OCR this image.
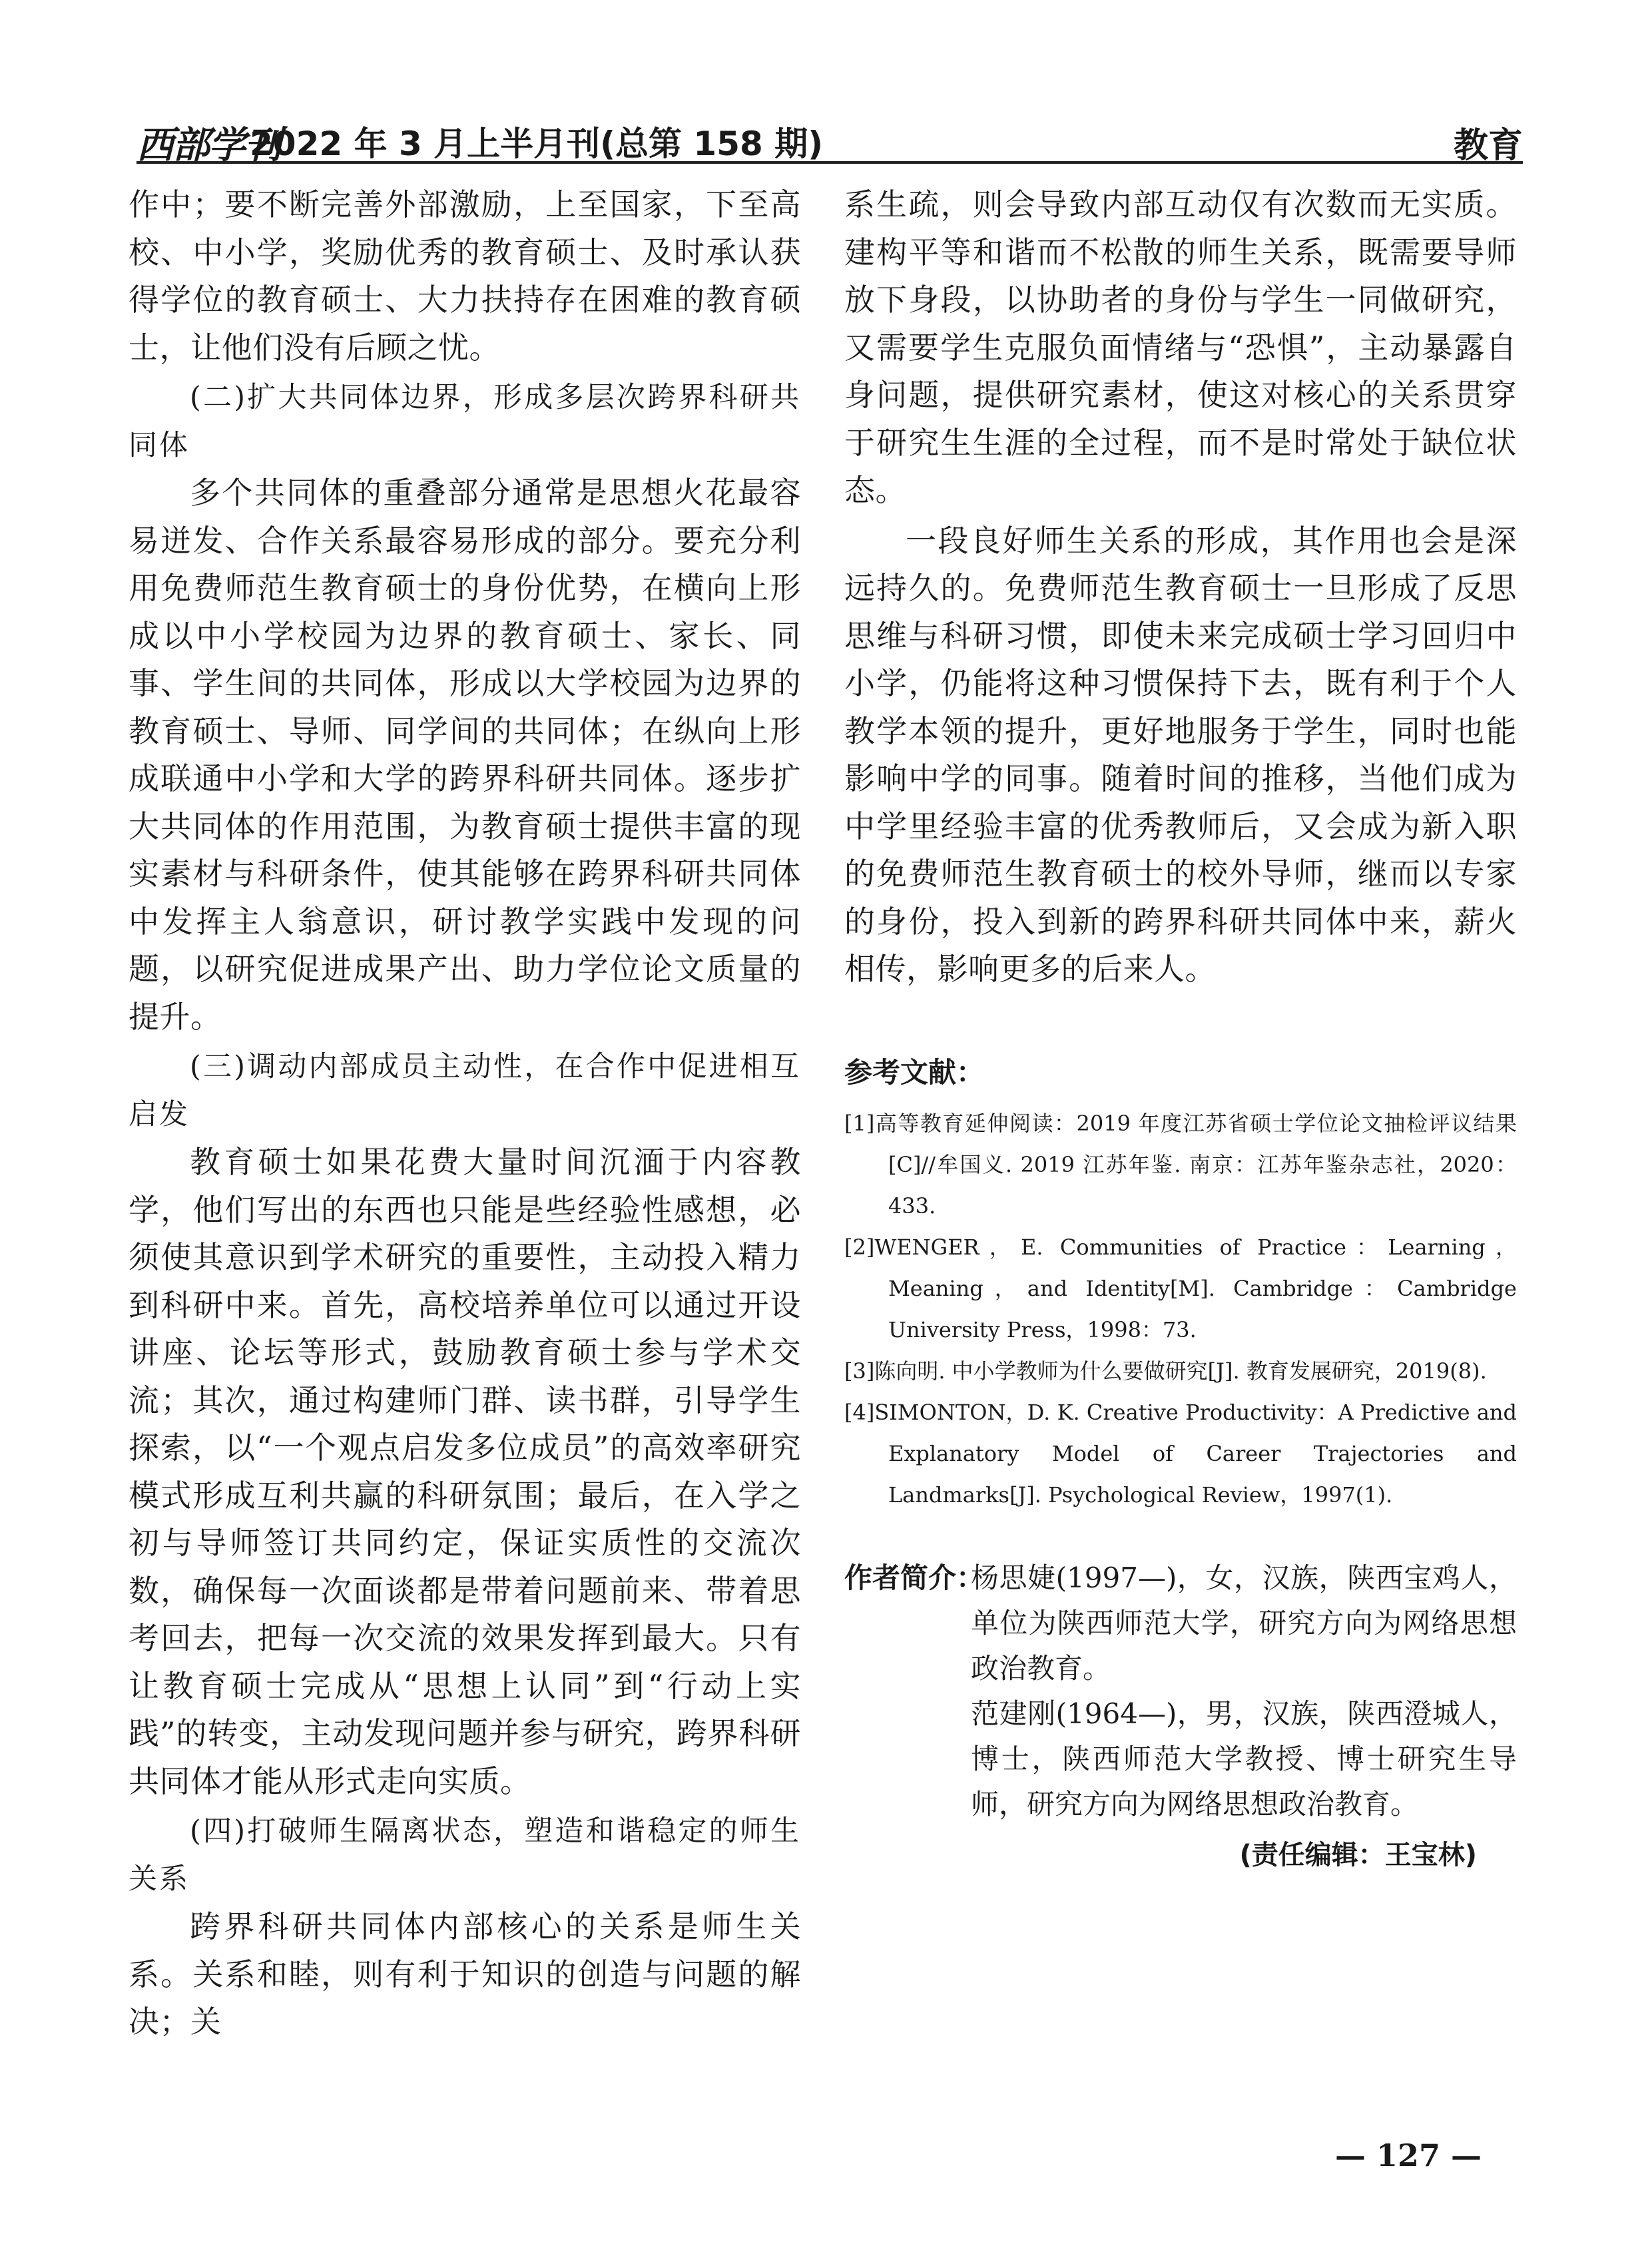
西部学刊
2022 年 3 月上半月刊(总第 158 期)	教育

作中；要不断完善外部激励，上至国家，下至高校、中小学，奖励优秀的教育硕士、及时承认获得学位的教育硕士、大力扶持存在困难的教育硕士，让他们没有后顾之忧。

(二)扩大共同体边界，形成多层次跨界科研共同体

多个共同体的重叠部分通常是思想火花最容易迸发、合作关系最容易形成的部分。要充分利用免费师范生教育硕士的身份优势，在横向上形成以中小学校园为边界的教育硕士、家长、同事、学生间的共同体，形成以大学校园为边界的教育硕士、导师、同学间的共同体；在纵向上形成联通中小学和大学的跨界科研共同体。逐步扩大共同体的作用范围，为教育硕士提供丰富的现实素材与科研条件，使其能够在跨界科研共同体中发挥主人翁意识，研讨教学实践中发现的问题，以研究促进成果产出、助力学位论文质量的提升。

(三)调动内部成员主动性，在合作中促进相互启发

教育硕士如果花费大量时间沉湎于内容教学，他们写出的东西也只能是些经验性感想，必须使其意识到学术研究的重要性，主动投入精力到科研中来。首先，高校培养单位可以通过开设讲座、论坛等形式，鼓励教育硕士参与学术交流；其次，通过构建师门群、读书群，引导学生探索，以“一个观点启发多位成员”的高效率研究模式形成互利共赢的科研氛围；最后，在入学之初与导师签订共同约定，保证实质性的交流次数，确保每一次面谈都是带着问题前来、带着思考回去，把每一次交流的效果发挥到最大。只有让教育硕士完成从“思想上认同”到“行动上实践”的转变，主动发现问题并参与研究，跨界科研共同体才能从形式走向实质。

(四)打破师生隔离状态，塑造和谐稳定的师生关系

跨界科研共同体内部核心的关系是师生关系。关系和睦，则有利于知识的创造与问题的解决；关

系生疏，则会导致内部互动仅有次数而无实质。建构平等和谐而不松散的师生关系，既需要导师放下身段，以协助者的身份与学生一同做研究，又需要学生克服负面情绪与“恐惧”，主动暴露自身问题，提供研究素材，使这对核心的关系贯穿于研究生生涯的全过程，而不是时常处于缺位状态。

一段良好师生关系的形成，其作用也会是深远持久的。免费师范生教育硕士一旦形成了反思思维与科研习惯，即使未来完成硕士学习回归中小学，仍能将这种习惯保持下去，既有利于个人教学本领的提升，更好地服务于学生，同时也能影响中学的同事。随着时间的推移，当他们成为中学里经验丰富的优秀教师后，又会成为新入职的免费师范生教育硕士的校外导师，继而以专家的身份，投入到新的跨界科研共同体中来，薪火相传，影响更多的后来人。

参考文献：

[1]高等教育延伸阅读：2019 年度江苏省硕士学位论文抽检评议结果[C]//牟国义. 2019 江苏年鉴. 南京：江苏年鉴杂志社，2020：433.

[2]WENGER，E. Communities of Practice：Learning，Meaning，and Identity[M]. Cambridge：Cambridge University Press，1998：73.

[3]陈向明. 中小学教师为什么要做研究[J]. 教育发展研究，2019(8).

[4]SIMONTON，D. K. Creative Productivity：A Predictive and Explanatory Model of Career Trajectories and Landmarks[J]. Psychological Review，1997(1).

作者简介：

杨思婕(1997—)，女，汉族，陕西宝鸡人，单位为陕西师范大学，研究方向为网络思想政治教育。

范建刚(1964—)，男，汉族，陕西澄城人，博士，陕西师范大学教授、博士研究生导师，研究方向为网络思想政治教育。

(责任编辑：王宝林)
— 127 —
